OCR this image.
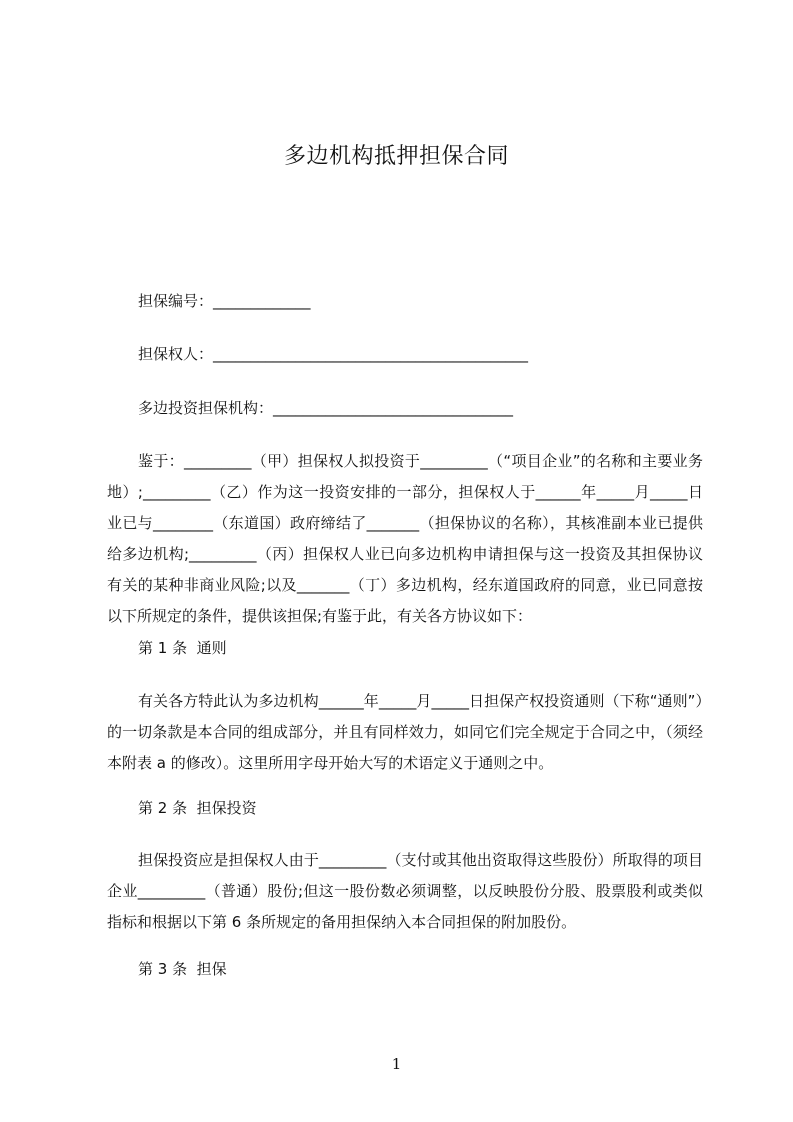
多边机构抵押担保合同
担保编号：_____________
担保权人：__________________________________________
多边投资担保机构：________________________________
鉴于：_________（甲）担保权人拟投资于_________（“项目企业”的名称和主要业务地）;_________（乙）作为这一投资安排的一部分，担保权人于______年_____月_____日业已与________（东道国）政府缔结了_______（担保协议的名称），其核准副本业已提供给多边机构;_________（丙）担保权人业已向多边机构申请担保与这一投资及其担保协议有关的某种非商业风险;以及_______（丁）多边机构，经东道国政府的同意，业已同意按以下所规定的条件，提供该担保;有鉴于此，有关各方协议如下：
第 1 条  通则
有关各方特此认为多边机构______年_____月_____日担保产权投资通则（下称“通则”）的一切条款是本合同的组成部分，并且有同样效力，如同它们完全规定于合同之中，（须经本附表 a 的修改）。这里所用字母开始大写的术语定义于通则之中。
第 2 条  担保投资
担保投资应是担保权人由于_________（支付或其他出资取得这些股份）所取得的项目企业_________（普通）股份;但这一股份数必须调整，以反映股份分股、股票股利或类似指标和根据以下第 6 条所规定的备用担保纳入本合同担保的附加股份。
第 3 条  担保
1
